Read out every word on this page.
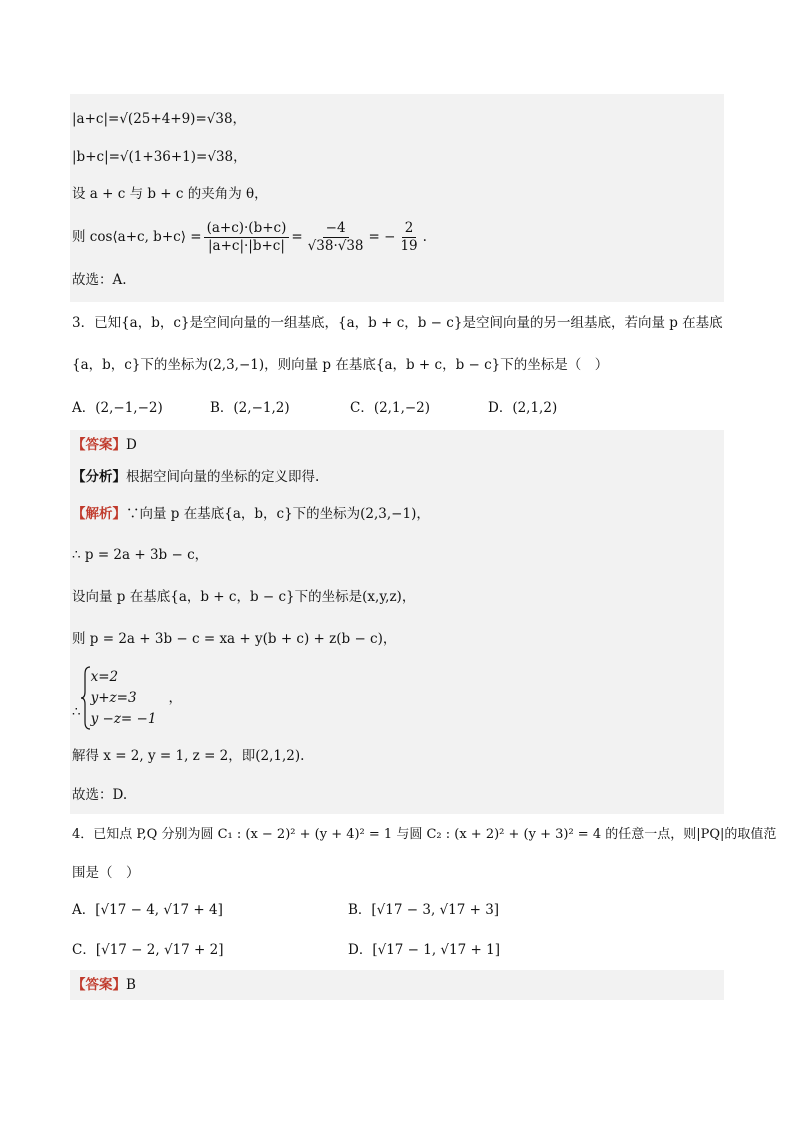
|a+c|=√(25+4+9)=√38，
|b+c|=√(1+36+1)=√38，
设 a + c 与 b + c 的夹角为 θ，
则 cos⟨a+c, b+c⟩ = $\frac{(a+c)\cdot(b+c)}{|a+c|\cdot|b+c|} = \frac{-4}{√38\cdot√38}$ = − $\frac{2}{19}$ .
故选：A.
3．已知{a，b，c}是空间向量的一组基底，{a，b + c，b − c}是空间向量的另一组基底，若向量 p 在基底
{a，b，c}下的坐标为(2,3,−1)，则向量 p 在基底{a，b + c，b − c}下的坐标是（　）
A．(2,−1,−2)	B．(2,−1,2)	C．(2,1,−2)	D．(2,1,2)
【答案】D
【分析】根据空间向量的坐标的定义即得.
【解析】∵向量 p 在基底{a，b，c}下的坐标为(2,3,−1)，
∴ p = 2a + 3b − c，
设向量 p 在基底{a，b + c，b − c}下的坐标是(x,y,z)，
则 p = 2a + 3b − c = xa + y(b + c) + z(b − c)，
∴
x=2
y+z=3
y −z= −1
，
解得 x = 2, y = 1, z = 2，即(2,1,2).
故选：D.
4．已知点 P,Q 分别为圆 C₁ : (x − 2)² + (y + 4)² = 1 与圆 C₂ : (x + 2)² + (y + 3)² = 4 的任意一点，则|PQ|的取值范
围是（　）
A．[√17 − 4, √17 + 4]	B．[√17 − 3, √17 + 3]
C．[√17 − 2, √17 + 2]	D．[√17 − 1, √17 + 1]
【答案】B
